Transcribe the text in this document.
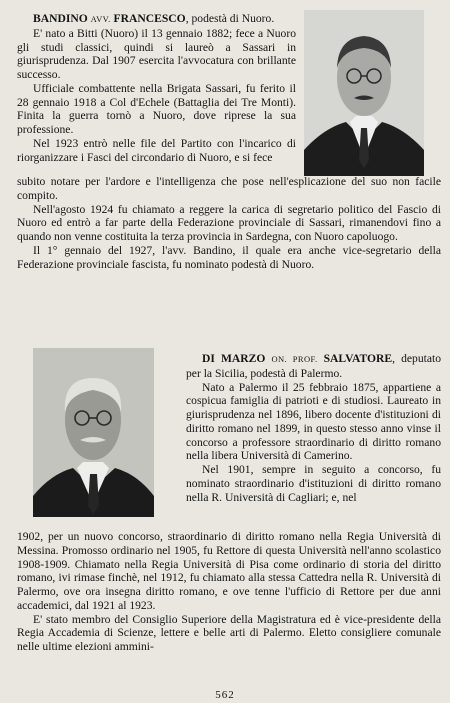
BANDINO AVV. FRANCESCO, podestà di Nuoro.

E' nato a Bitti (Nuoro) il 13 gennaio 1882; fece a Nuoro gli studi classici, quindi si laureò a Sassari in giurisprudenza. Dal 1907 esercita l'avvocatura con brillante successo.

Ufficiale combattente nella Brigata Sassari, fu ferito il 28 gennaio 1918 a Col d'Echele (Battaglia dei Tre Monti). Finita la guerra tornò a Nuoro, dove riprese la sua professione.

Nel 1923 entrò nelle file del Partito con l'incarico di riorganizzare i Fasci del circondario di Nuoro, e si fece

subito notare per l'ardore e l'intelligenza che pose nell'esplicazione del suo non facile compito.

Nell'agosto 1924 fu chiamato a reggere la carica di segretario politico del Fascio di Nuoro ed entrò a far parte della Federazione provinciale di Sassari, rimanendovi fino a quando non venne costituita la terza provincia in Sardegna, con Nuoro capoluogo.

Il 1° gennaio del 1927, l'avv. Bandino, il quale era anche vice-segretario della Federazione provinciale fascista, fu nominato podestà di Nuoro.

DI MARZO ON. PROF. SALVATORE, deputato per la Sicilia, podestà di Palermo.

Nato a Palermo il 25 febbraio 1875, appartiene a cospicua famiglia di patrioti e di studiosi. Laureato in giurisprudenza nel 1896, libero docente d'istituzioni di diritto romano nel 1899, in questo stesso anno vinse il concorso a professore straordinario di diritto romano nella libera Università di Camerino.

Nel 1901, sempre in seguito a concorso, fu nominato straordinario d'istituzioni di diritto romano nella R. Università di Cagliari; e, nel

1902, per un nuovo concorso, straordinario di diritto romano nella Regia Università di Messina. Promosso ordinario nel 1905, fu Rettore di questa Università nell'anno scolastico 1908-1909. Chiamato nella Regia Università di Pisa come ordinario di storia del diritto romano, ivi rimase finchè, nel 1912, fu chiamato alla stessa Cattedra nella R. Università di Palermo, ove ora insegna diritto romano, e ove tenne l'ufficio di Rettore per due anni accademici, dal 1921 al 1923.

E' stato membro del Consiglio Superiore della Magistratura ed è vice-presidente della Regia Accademia di Scienze, lettere e belle arti di Palermo. Eletto consigliere comunale nelle ultime elezioni ammini-

562
